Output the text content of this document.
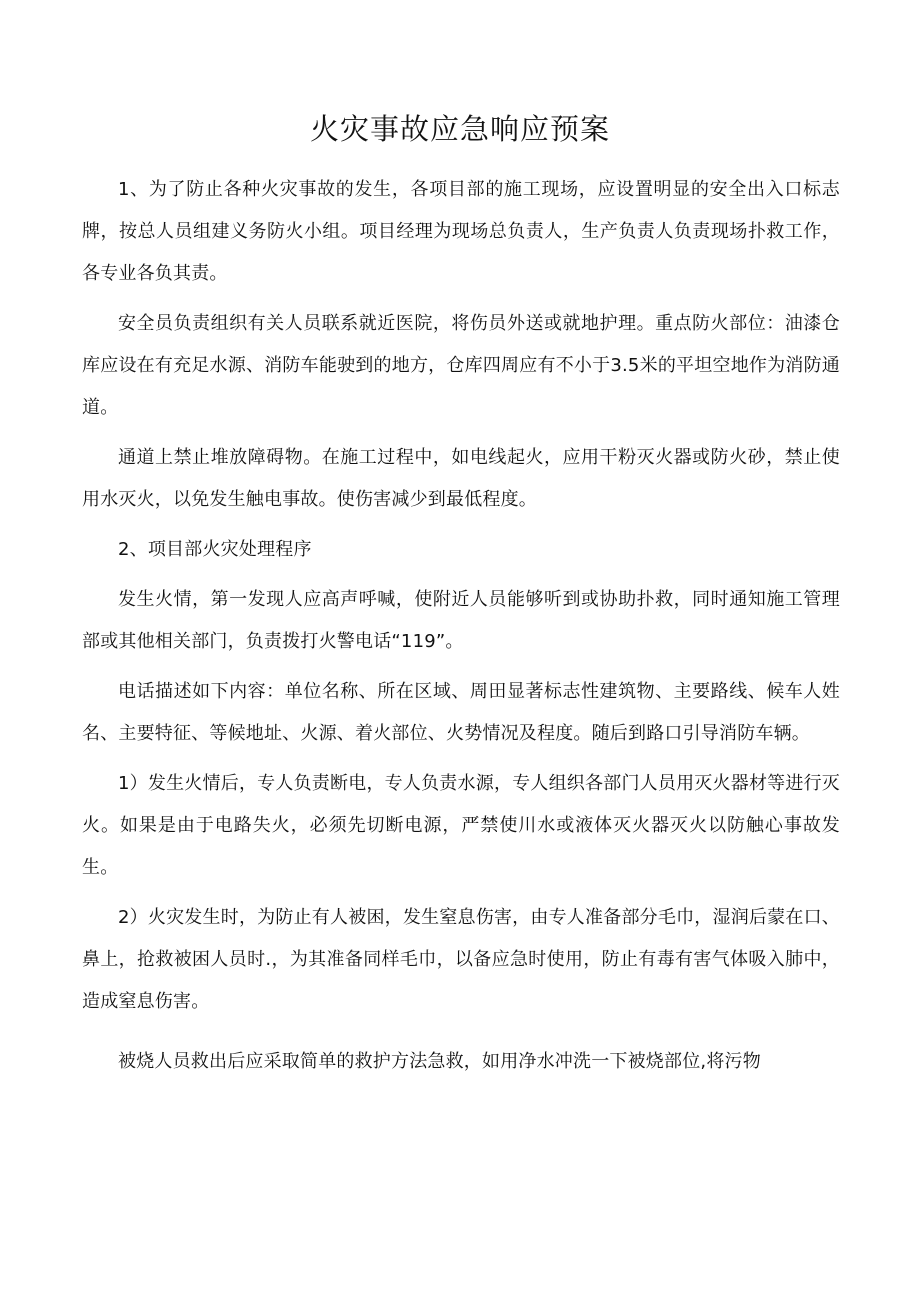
火灾事故应急响应预案

1、为了防止各种火灾事故的发生，各项目部的施工现场，应设置明显的安全出入口标志牌，按总人员组建义务防火小组。项目经理为现场总负责人，生产负责人负责现场扑救工作，各专业各负其责。

安全员负责组织有关人员联系就近医院，将伤员外送或就地护理。重点防火部位：油漆仓库应设在有充足水源、消防车能驶到的地方，仓库四周应有不小于3.5米的平坦空地作为消防通道。

通道上禁止堆放障碍物。在施工过程中，如电线起火，应用干粉灭火器或防火砂，禁止使用水灭火，以免发生触电事故。使伤害减少到最低程度。

2、项目部火灾处理程序

发生火情，第一发现人应高声呼喊，使附近人员能够听到或协助扑救，同时通知施工管理部或其他相关部门，负责拨打火警电话“119”。

电话描述如下内容：单位名称、所在区域、周田显著标志性建筑物、主要路线、候车人姓名、主要特征、等候地址、火源、着火部位、火势情况及程度。随后到路口引导消防车辆。

1）发生火情后，专人负责断电，专人负责水源，专人组织各部门人员用灭火器材等进行灭火。如果是由于电路失火，必须先切断电源，严禁使川水或液体灭火器灭火以防触心事故发生。

2）火灾发生时，为防止有人被困，发生窒息伤害，由专人准备部分毛巾，湿润后蒙在口、鼻上，抢救被困人员时.，为其准备同样毛巾，以备应急时使用，防止有毒有害气体吸入肺中，造成窒息伤害。

被烧人员救出后应采取简单的救护方法急救，如用净水冲洗一下被烧部位,将污物
